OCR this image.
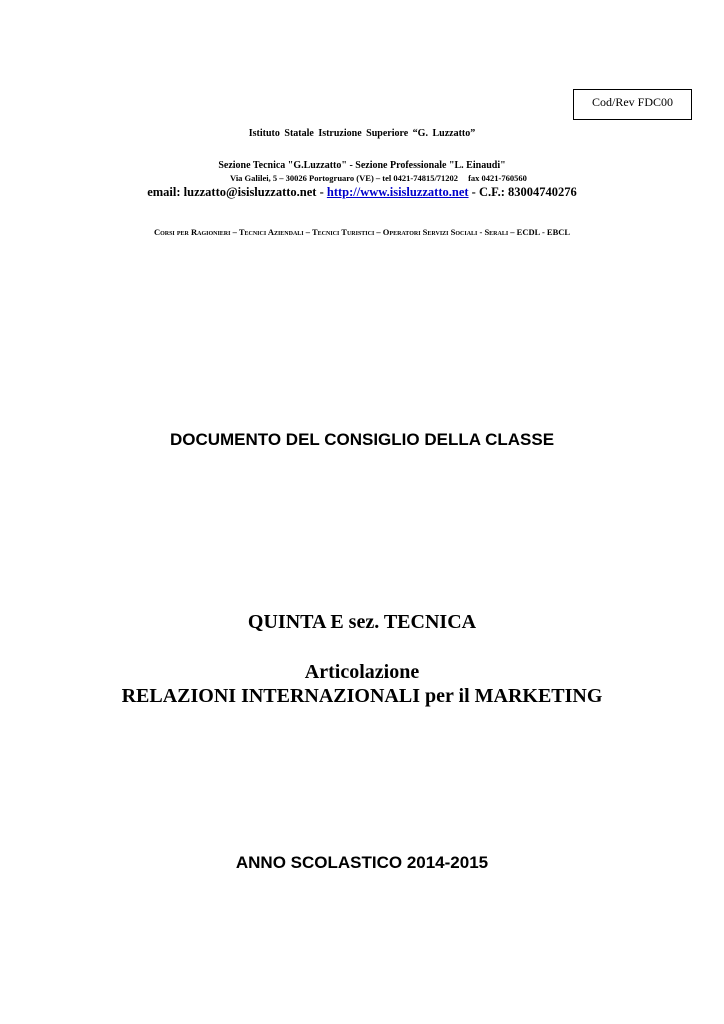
Cod/Rev FDC00
Istituto Statale Istruzione Superiore “G. Luzzatto”
Sezione Tecnica "G.Luzzatto" - Sezione Professionale "L. Einaudi"
Via Galilei, 5 – 30026 Portogruaro (VE) – tel 0421-74815/71202 fax 0421-760560
email: luzzatto@isisluzzatto.net - http://www.isisluzzatto.net - C.F.: 83004740276
Corsi per Ragionieri – Tecnici Aziendali – Tecnici Turistici – Operatori Servizi Sociali - Serali – ECDL - EBCL
DOCUMENTO DEL CONSIGLIO DELLA CLASSE
QUINTA E sez. TECNICA
Articolazione
RELAZIONI INTERNAZIONALI per il MARKETING
ANNO SCOLASTICO 2014-2015
